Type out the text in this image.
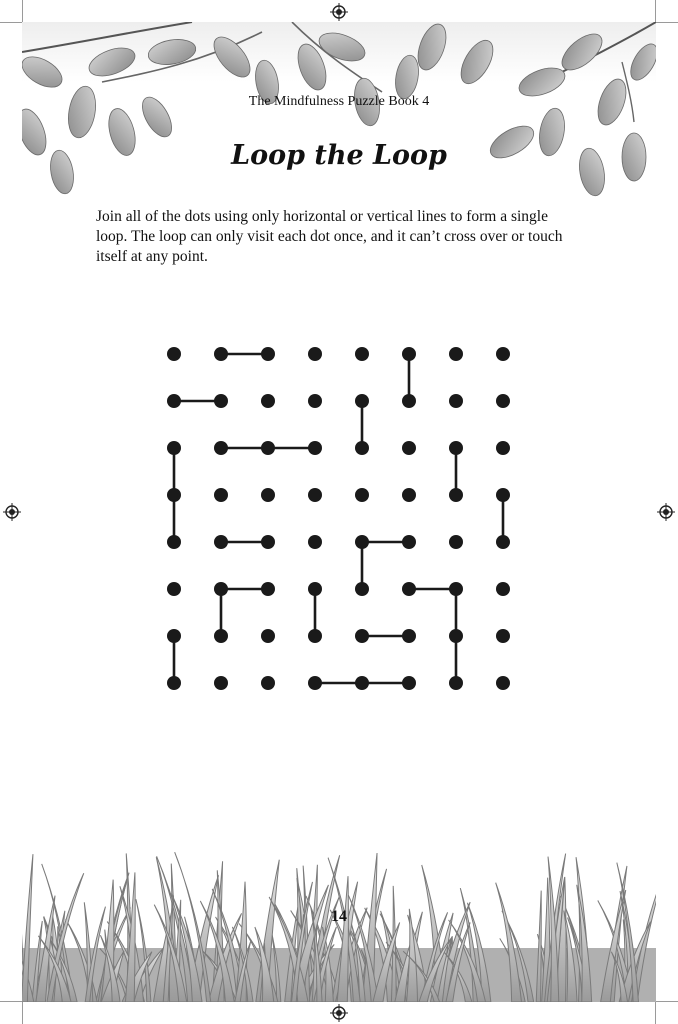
The Mindfulness Puzzle Book 4
Loop the Loop
Join all of the dots using only horizontal or vertical lines to form a single loop. The loop can only visit each dot once, and it can’t cross over or touch itself at any point.
14
